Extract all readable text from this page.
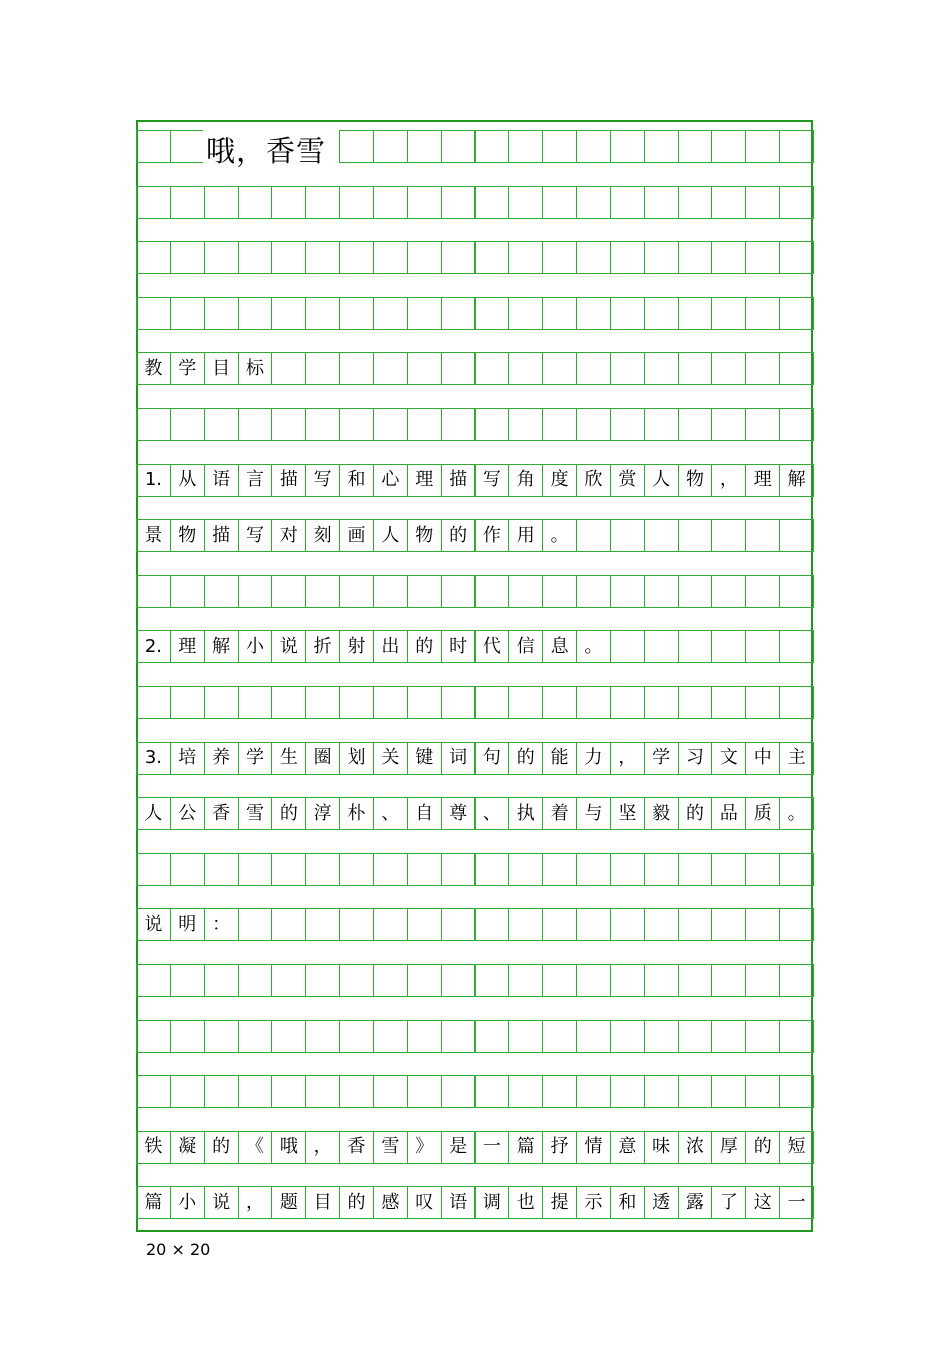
教 学 目 标
1. 从 语 言 描 写 和 心 理 描 写 角 度 欣 赏 人 物 ， 理 解
景 物 描 写 对 刻 画 人 物 的 作 用 。
2. 理 解 小 说 折 射 出 的 时 代 信 息 。
3. 培 养 学 生 圈 划 关 键 词 句 的 能 力 ， 学 习 文 中 主
人 公 香 雪 的 淳 朴 、 自 尊 、 执 着 与 坚 毅 的 品 质 。
说 明 ：
铁 凝 的 《 哦 ， 香 雪 》 是 一 篇 抒 情 意 味 浓 厚 的 短
篇 小 说 ， 题 目 的 感 叹 语 调 也 提 示 和 透 露 了 这 一
哦，香雪
20 × 20
